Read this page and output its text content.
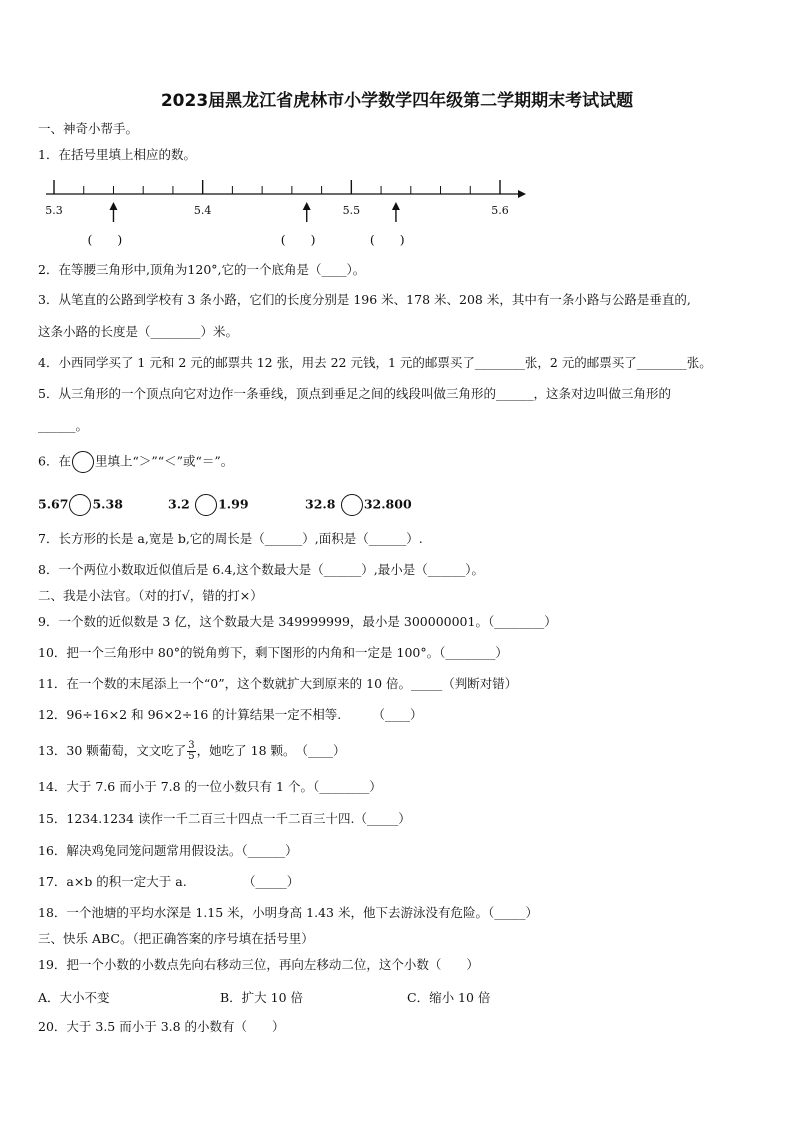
2023届黑龙江省虎林市小学数学四年级第二学期期末考试试题
一、神奇小帮手。
1．在括号里填上相应的数。
5.3	5.4	5.5	5.6
(　　)	(　　)	(　　)
2．在等腰三角形中,顶角为120°,它的一个底角是（____）。
3．从笔直的公路到学校有 3 条小路，它们的长度分别是 196 米、178 米、208 米，其中有一条小路与公路是垂直的,
这条小路的长度是（________）米。
4．小西同学买了 1 元和 2 元的邮票共 12 张，用去 22 元钱，1 元的邮票买了________张，2 元的邮票买了________张。
5．从三角形的一个顶点向它对边作一条垂线，顶点到垂足之间的线段叫做三角形的______，这条对边叫做三角形的
______。
6．在 里填上“＞”“＜”或“＝”。
5.67 5.38	3.2 1.99	32.8 32.800
7．长方形的长是 a,宽是 b,它的周长是（______）,面积是（______）.
8．一个两位小数取近似值后是 6.4,这个数最大是（______）,最小是（______）。
二、我是小法官。（对的打√，错的打×）
9．一个数的近似数是 3 亿，这个数最大是 349999999，最小是 300000001。（________）
10．把一个三角形中 80°的锐角剪下，剩下图形的内角和一定是 100°。（________）
11．在一个数的末尾添上一个“0”，这个数就扩大到原来的 10 倍。_____（判断对错）
12．96÷16×2 和 96×2÷16 的计算结果一定不相等.　　　（____）
13．30 颗葡萄，文文吃了 $\frac{3}{5}$ ，她吃了 18 颗。　（____）
14．大于 7.6 而小于 7.8 的一位小数只有 1 个。（________）
15．1234.1234 读作一千二百三十四点一千二百三十四.（_____）
16．解决鸡兔同笼问题常用假设法。（______）
17．a×b 的积一定大于 a.　　　　　（_____）
18．一个池塘的平均水深是 1.15 米，小明身高 1.43 米，他下去游泳没有危险。（_____）
三、快乐 ABC。（把正确答案的序号填在括号里）
19．把一个小数的小数点先向右移动三位，再向左移动二位，这个小数（　　）
A．大小不变	B．扩大 10 倍	C．缩小 10 倍
20．大于 3.5 而小于 3.8 的小数有（　　）
